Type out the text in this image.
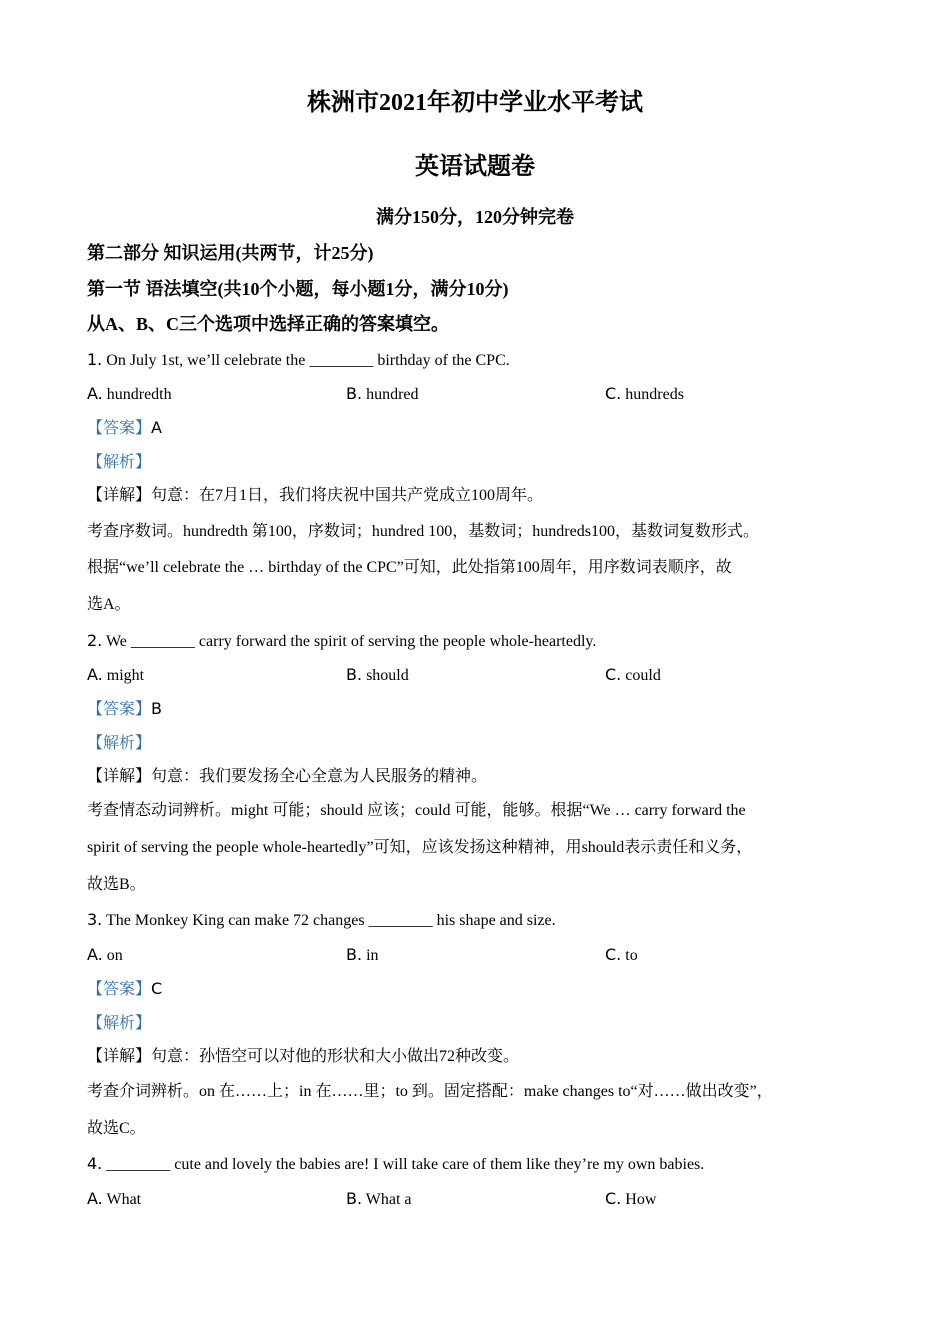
株洲市2021年初中学业水平考试
英语试题卷
满分150分，120分钟完卷
第二部分 知识运用(共两节，计25分)
第一节 语法填空(共10个小题，每小题1分，满分10分)
从A、B、C三个选项中选择正确的答案填空。
1. On July 1st, we’ll celebrate the ________ birthday of the CPC.
A. hundredth	B. hundred	C. hundreds
【答案】A
【解析】
【详解】句意：在7月1日，我们将庆祝中国共产党成立100周年。
考查序数词。hundredth 第100，序数词；hundred 100，基数词；hundreds100，基数词复数形式。
根据“we’ll celebrate the … birthday of the CPC”可知，此处指第100周年，用序数词表顺序，故
选A。
2. We ________ carry forward the spirit of serving the people whole-heartedly.
A. might	B. should	C. could
【答案】B
【解析】
【详解】句意：我们要发扬全心全意为人民服务的精神。
考查情态动词辨析。might 可能；should 应该；could 可能，能够。根据“We … carry forward the
spirit of serving the people whole-heartedly”可知，应该发扬这种精神，用should表示责任和义务，
故选B。
3. The Monkey King can make 72 changes ________ his shape and size.
A. on	B. in	C. to
【答案】C
【解析】
【详解】句意：孙悟空可以对他的形状和大小做出72种改变。
考查介词辨析。on 在……上；in 在……里；to 到。固定搭配：make changes to“对……做出改变”，
故选C。
4. ________ cute and lovely the babies are! I will take care of them like they’re my own babies.
A. What	B. What a	C. How
